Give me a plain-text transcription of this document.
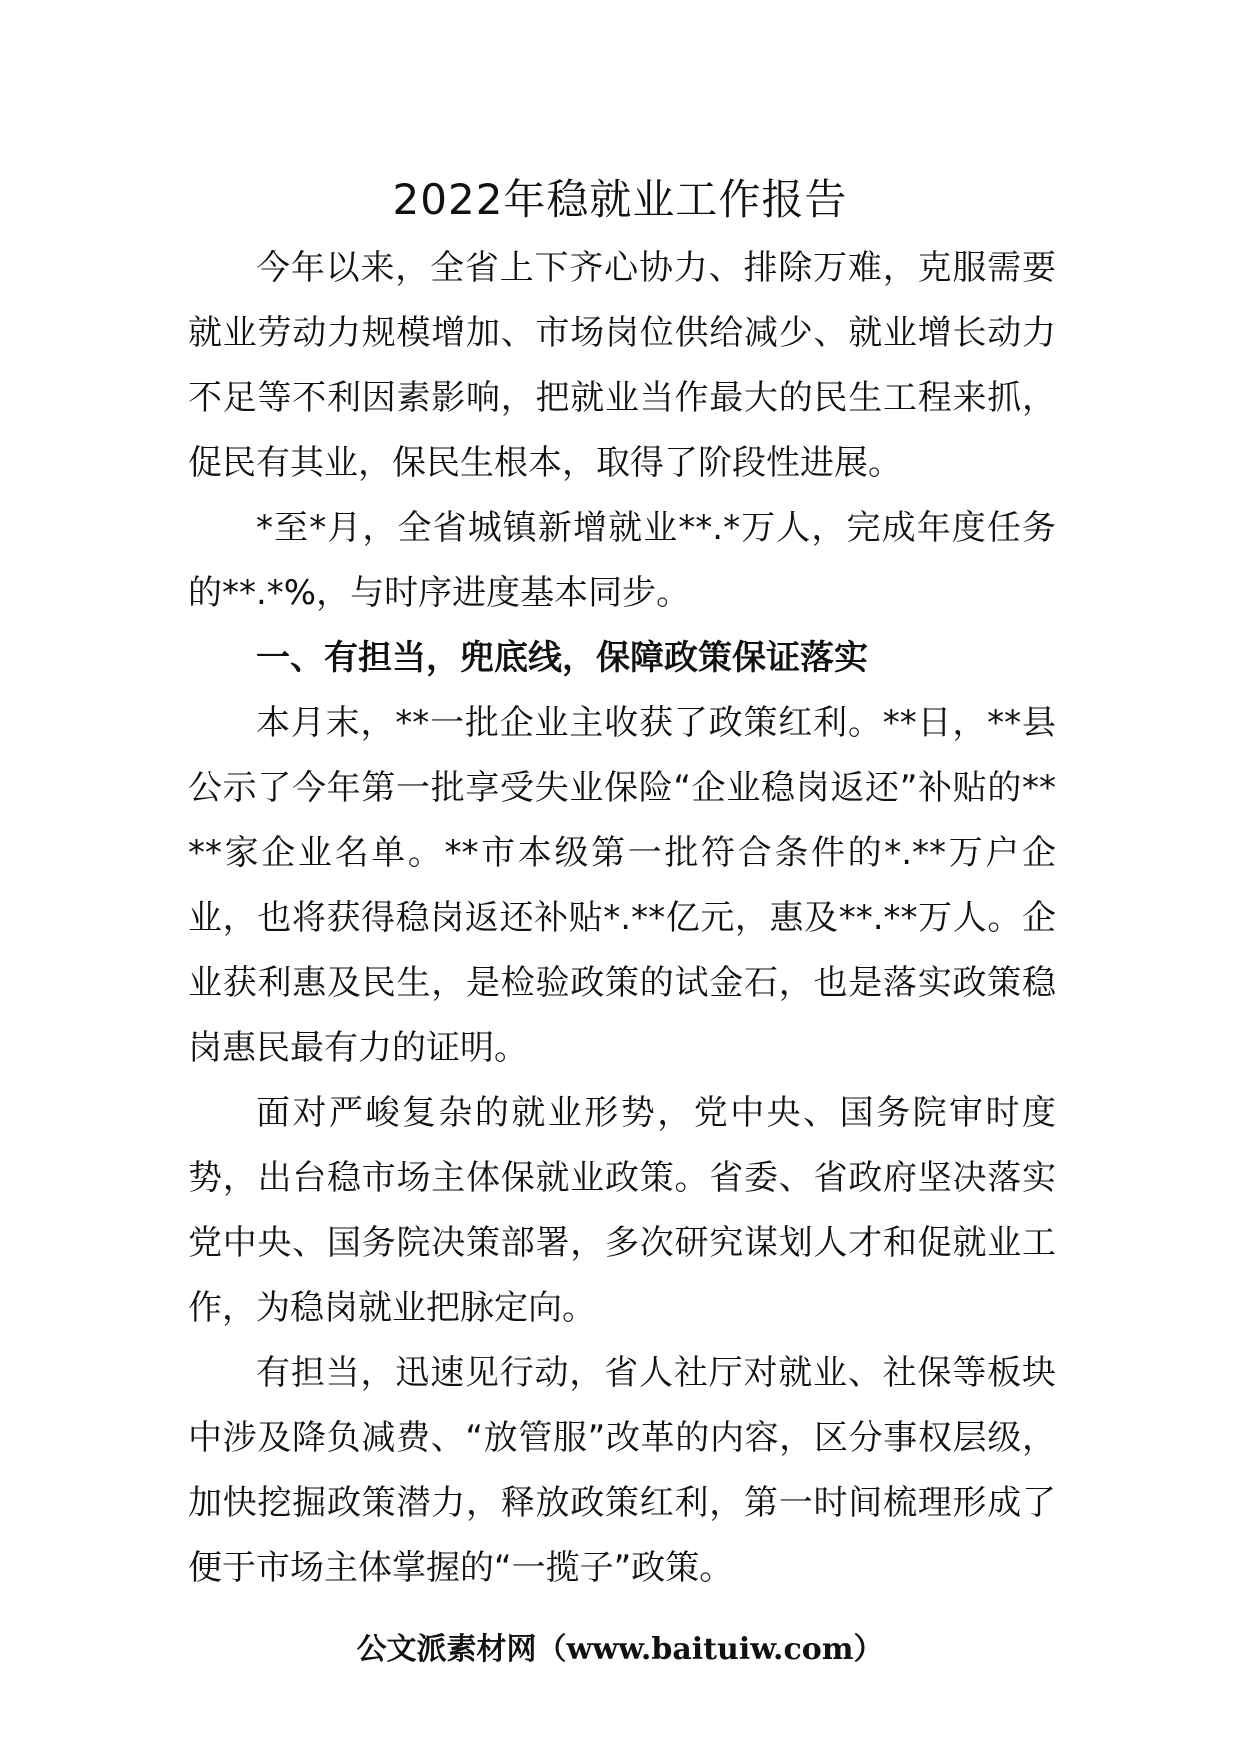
2022年稳就业工作报告

今年以来，全省上下齐心协力、排除万难，克服需要就业劳动力规模增加、市场岗位供给减少、就业增长动力不足等不利因素影响，把就业当作最大的民生工程来抓，促民有其业，保民生根本，取得了阶段性进展。

*至*月，全省城镇新增就业**.*万人，完成年度任务的**.*%，与时序进度基本同步。

一、有担当，兜底线，保障政策保证落实

本月末，**一批企业主收获了政策红利。**日，**县公示了今年第一批享受失业保险“企业稳岗返还”补贴的****家企业名单。**市本级第一批符合条件的*.**万户企业，也将获得稳岗返还补贴*.**亿元，惠及**.**万人。企业获利惠及民生，是检验政策的试金石，也是落实政策稳岗惠民最有力的证明。

面对严峻复杂的就业形势，党中央、国务院审时度势，出台稳市场主体保就业政策。省委、省政府坚决落实党中央、国务院决策部署，多次研究谋划人才和促就业工作，为稳岗就业把脉定向。

有担当，迅速见行动，省人社厅对就业、社保等板块中涉及降负减费、“放管服”改革的内容，区分事权层级，加快挖掘政策潜力，释放政策红利，第一时间梳理形成了便于市场主体掌握的“一揽子”政策。

公文派素材网（www.baituiw.com）
